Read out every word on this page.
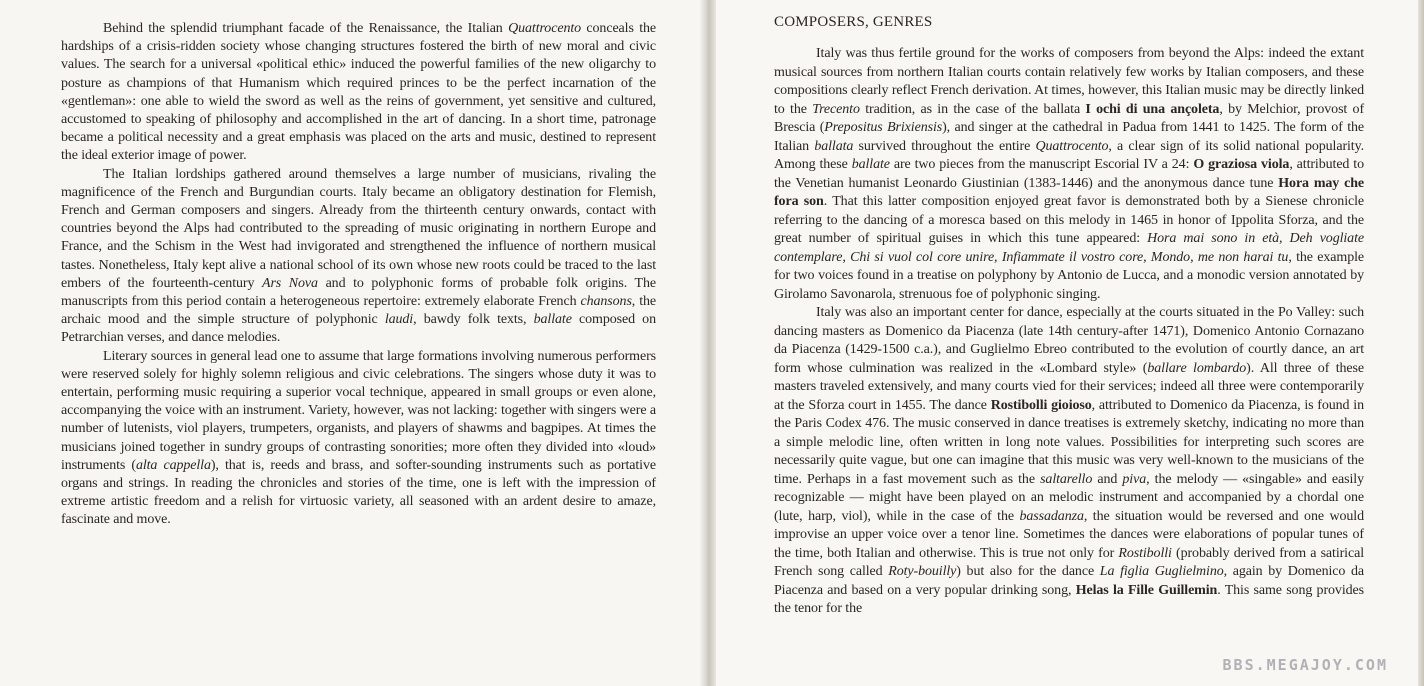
Behind the splendid triumphant facade of the Renaissance, the Italian Quattrocento conceals the hardships of a crisis-ridden society whose changing structures fostered the birth of new moral and civic values. The search for a universal «political ethic» induced the powerful families of the new oligarchy to posture as champions of that Humanism which required princes to be the perfect incarnation of the «gentleman»: one able to wield the sword as well as the reins of government, yet sensitive and cultured, accustomed to speaking of philosophy and accomplished in the art of dancing. In a short time, patronage became a political necessity and a great emphasis was placed on the arts and music, destined to represent the ideal exterior image of power.

The Italian lordships gathered around themselves a large number of musicians, rivaling the magnificence of the French and Burgundian courts. Italy became an obligatory destination for Flemish, French and German composers and singers. Already from the thirteenth century onwards, contact with countries beyond the Alps had contributed to the spreading of music originating in northern Europe and France, and the Schism in the West had invigorated and strengthened the influence of northern musical tastes. Nonetheless, Italy kept alive a national school of its own whose new roots could be traced to the last embers of the fourteenth-century Ars Nova and to polyphonic forms of probable folk origins. The manuscripts from this period contain a heterogeneous repertoire: extremely elaborate French chansons, the archaic mood and the simple structure of polyphonic laudi, bawdy folk texts, ballate composed on Petrarchian verses, and dance melodies.

Literary sources in general lead one to assume that large formations involving numerous performers were reserved solely for highly solemn religious and civic celebrations. The singers whose duty it was to entertain, performing music requiring a superior vocal technique, appeared in small groups or even alone, accompanying the voice with an instrument. Variety, however, was not lacking: together with singers were a number of lutenists, viol players, trumpeters, organists, and players of shawms and bagpipes. At times the musicians joined together in sundry groups of contrasting sonorities; more often they divided into «loud» instruments (alta cappella), that is, reeds and brass, and softer-sounding instruments such as portative organs and strings. In reading the chronicles and stories of the time, one is left with the impression of extreme artistic freedom and a relish for virtuosic variety, all seasoned with an ardent desire to amaze, fascinate and move.

COMPOSERS, GENRES

Italy was thus fertile ground for the works of composers from beyond the Alps: indeed the extant musical sources from northern Italian courts contain relatively few works by Italian composers, and these compositions clearly reflect French derivation. At times, however, this Italian music may be directly linked to the Trecento tradition, as in the case of the ballata I ochi di una ançoleta, by Melchior, provost of Brescia (Prepositus Brixiensis), and singer at the cathedral in Padua from 1441 to 1425. The form of the Italian ballata survived throughout the entire Quattrocento, a clear sign of its solid national popularity. Among these ballate are two pieces from the manuscript Escorial IV a 24: O graziosa viola, attributed to the Venetian humanist Leonardo Giustinian (1383-1446) and the anonymous dance tune Hora may che fora son. That this latter composition enjoyed great favor is demonstrated both by a Sienese chronicle referring to the dancing of a moresca based on this melody in 1465 in honor of Ippolita Sforza, and the great number of spiritual guises in which this tune appeared: Hora mai sono in età, Deh vogliate contemplare, Chi si vuol col core unire, Infiammate il vostro core, Mondo, me non harai tu, the example for two voices found in a treatise on polyphony by Antonio de Lucca, and a monodic version annotated by Girolamo Savonarola, strenuous foe of polyphonic singing.

Italy was also an important center for dance, especially at the courts situated in the Po Valley: such dancing masters as Domenico da Piacenza (late 14th century-after 1471), Domenico Antonio Cornazano da Piacenza (1429-1500 c.a.), and Guglielmo Ebreo contributed to the evolution of courtly dance, an art form whose culmination was realized in the «Lombard style» (ballare lombardo). All three of these masters traveled extensively, and many courts vied for their services; indeed all three were contemporarily at the Sforza court in 1455. The dance Rostibolli gioioso, attributed to Domenico da Piacenza, is found in the Paris Codex 476. The music conserved in dance treatises is extremely sketchy, indicating no more than a simple melodic line, often written in long note values. Possibilities for interpreting such scores are necessarily quite vague, but one can imagine that this music was very well-known to the musicians of the time. Perhaps in a fast movement such as the saltarello and piva, the melody — «singable» and easily recognizable — might have been played on an melodic instrument and accompanied by a chordal one (lute, harp, viol), while in the case of the bassadanza, the situation would be reversed and one would improvise an upper voice over a tenor line. Sometimes the dances were elaborations of popular tunes of the time, both Italian and otherwise. This is true not only for Rostibolli (probably derived from a satirical French song called Roty-bouilly) but also for the dance La figlia Guglielmino, again by Domenico da Piacenza and based on a very popular drinking song, Helas la Fille Guillemin. This same song provides the tenor for the

BBS.MEGAJOY.COM
